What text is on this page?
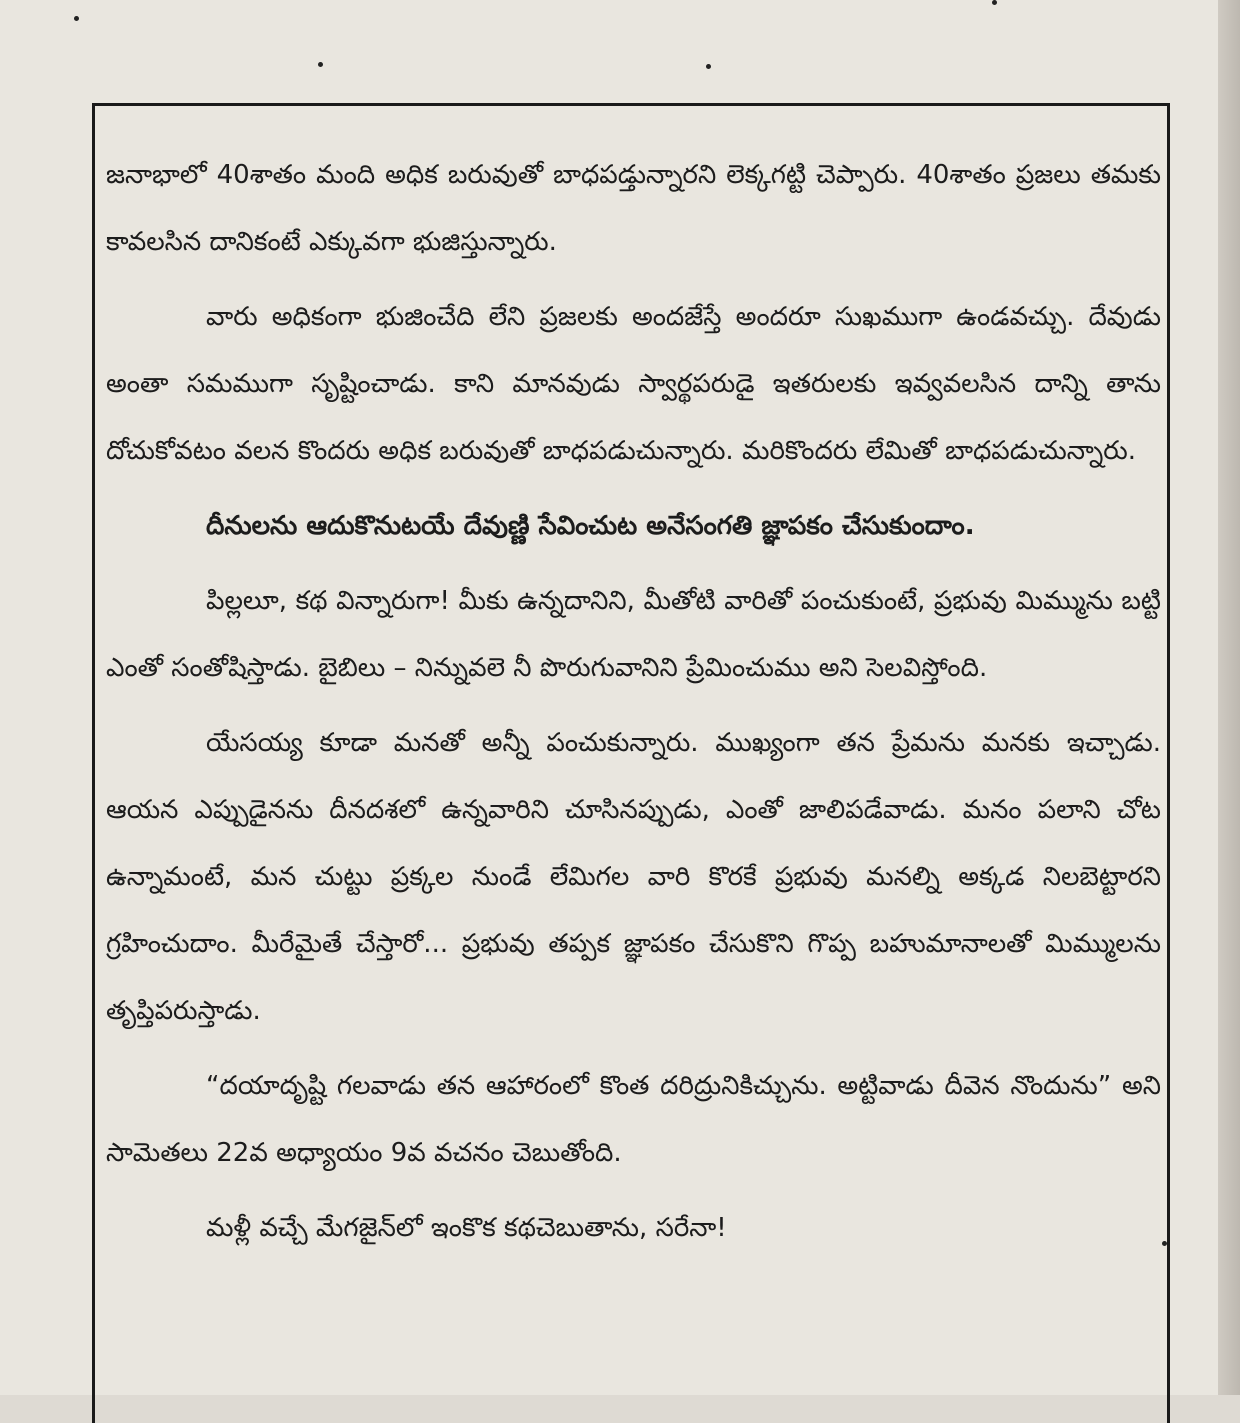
జనాభాలో 40శాతం మంది అధిక బరువుతో బాధపడ్తున్నారని లెక్కగట్టి చెప్పారు. 40శాతం ప్రజలు తమకు కావలసిన దానికంటే ఎక్కువగా భుజిస్తున్నారు.

వారు అధికంగా భుజించేది లేని ప్రజలకు అందజేస్తే అందరూ సుఖముగా ఉండవచ్చు. దేవుడు అంతా సమముగా సృష్టించాడు. కాని మానవుడు స్వార్థపరుడై ఇతరులకు ఇవ్వవలసిన దాన్ని తాను దోచుకోవటం వలన కొందరు అధిక బరువుతో బాధపడుచున్నారు. మరికొందరు లేమితో బాధపడుచున్నారు.

దీనులను ఆదుకొనుటయే దేవుణ్ణి సేవించుట అనేసంగతి జ్ఞాపకం చేసుకుందాం.

పిల్లలూ, కథ విన్నారుగా! మీకు ఉన్నదానిని, మీతోటి వారితో పంచుకుంటే, ప్రభువు మిమ్మును బట్టి ఎంతో సంతోషిస్తాడు. బైబిలు – నిన్నువలె నీ పొరుగువానిని ప్రేమించుము అని సెలవిస్తోంది.

యేసయ్య కూడా మనతో అన్నీ పంచుకున్నారు. ముఖ్యంగా తన ప్రేమను మనకు ఇచ్చాడు. ఆయన ఎప్పుడైనను దీనదశలో ఉన్నవారిని చూసినప్పుడు, ఎంతో జాలిపడేవాడు. మనం పలాని చోట ఉన్నామంటే, మన చుట్టు ప్రక్కల నుండే లేమిగల వారి కొరకే ప్రభువు మనల్ని అక్కడ నిలబెట్టారని గ్రహించుదాం. మీరేమైతే చేస్తారో... ప్రభువు తప్పక జ్ఞాపకం చేసుకొని గొప్ప బహుమానాలతో మిమ్ములను తృప్తిపరుస్తాడు.

“దయాదృష్టి గలవాడు తన ఆహారంలో కొంత దరిద్రునికిచ్చును. అట్టివాడు దీవెన నొందును” అని సామెతలు 22వ అధ్యాయం 9వ వచనం చెబుతోంది.

మళ్లీ వచ్చే మేగజైన్‌లో ఇంకొక కథచెబుతాను, సరేనా!
